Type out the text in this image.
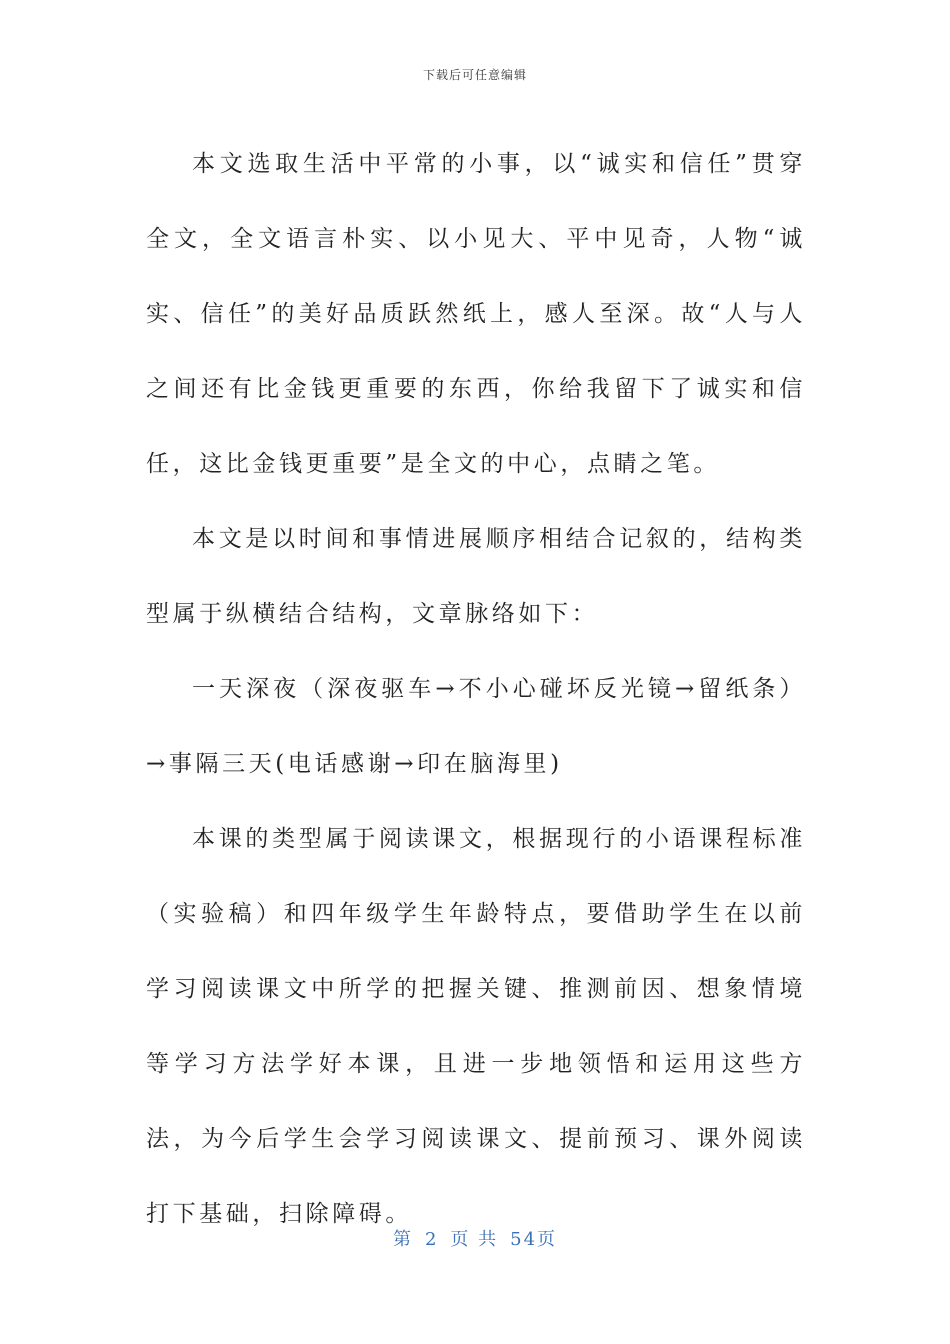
下载后可任意编辑

本文选取生活中平常的小事，以“诚实和信任”贯穿全文，全文语言朴实、以小见大、平中见奇，人物“诚实、信任”的美好品质跃然纸上，感人至深。故“人与人之间还有比金钱更重要的东西，你给我留下了诚实和信任，这比金钱更重要”是全文的中心，点睛之笔。

本文是以时间和事情进展顺序相结合记叙的，结构类型属于纵横结合结构，文章脉络如下：

一天深夜（深夜驱车→不小心碰坏反光镜→留纸条）→事隔三天(电话感谢→印在脑海里)

本课的类型属于阅读课文，根据现行的小语课程标准（实验稿）和四年级学生年龄特点，要借助学生在以前学习阅读课文中所学的把握关键、推测前因、想象情境等学习方法学好本课，且进一步地领悟和运用这些方法，为今后学生会学习阅读课文、提前预习、课外阅读打下基础，扫除障碍。

第 2 页 共 54页
